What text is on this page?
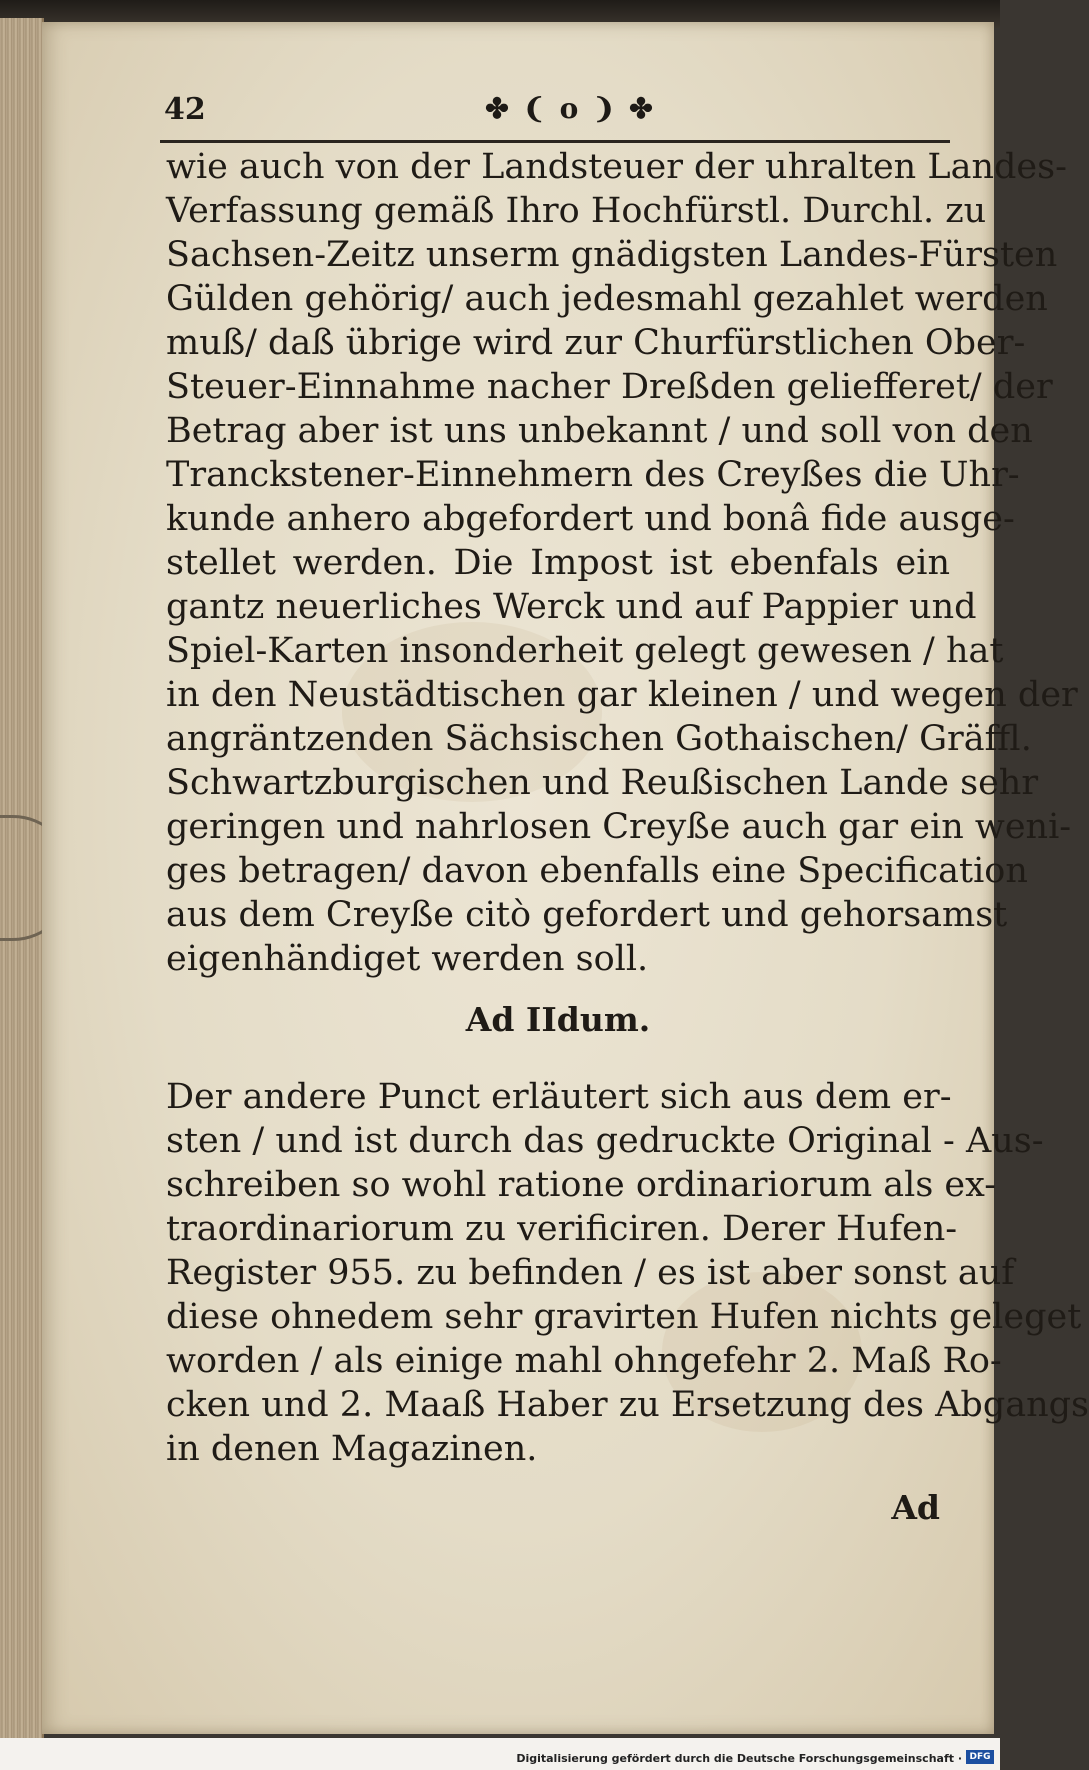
42	✤ ❨ o ❩ ✤
wie auch von der Landsteuer der uhralten Landes-
Verfassung gemäß Ihro Hochfürstl. Durchl. zu
Sachsen-Zeitz unserm gnädigsten Landes-Fürsten
Gülden gehörig/ auch jedesmahl gezahlet werden
muß/ daß übrige wird zur Churfürstlichen Ober-
Steuer-Einnahme nacher Dreßden geliefferet/ der
Betrag aber ist uns unbekannt / und soll von den
Tranckstener-Einnehmern des Creyßes die Uhr-
kunde anhero abgefordert und bonâ fide ausge-
stellet werden. Die Impost ist ebenfals ein
gantz neuerliches Werck und auf Pappier und
Spiel-Karten insonderheit gelegt gewesen / hat
in den Neustädtischen gar kleinen / und wegen der
angräntzenden Sächsischen Gothaischen/ Gräffl.
Schwartzburgischen und Reußischen Lande sehr
geringen und nahrlosen Creyße auch gar ein weni-
ges betragen/ davon ebenfalls eine Specification
aus dem Creyße citò gefordert und gehorsamst
eigenhändiget werden soll.
Ad IIdum.
Der andere Punct erläutert sich aus dem er-
sten / und ist durch das gedruckte Original - Aus-
schreiben so wohl ratione ordinariorum als ex-
traordinariorum zu verificiren. Derer Hufen-
Register 955. zu befinden / es ist aber sonst auf
diese ohnedem sehr gravirten Hufen nichts geleget
worden / als einige mahl ohngefehr 2. Maß Ro-
cken und 2. Maaß Haber zu Ersetzung des Abgangs
in denen Magazinen.
Ad
Digitalisierung gefördert durch die Deutsche Forschungsgemeinschaft · DFG
